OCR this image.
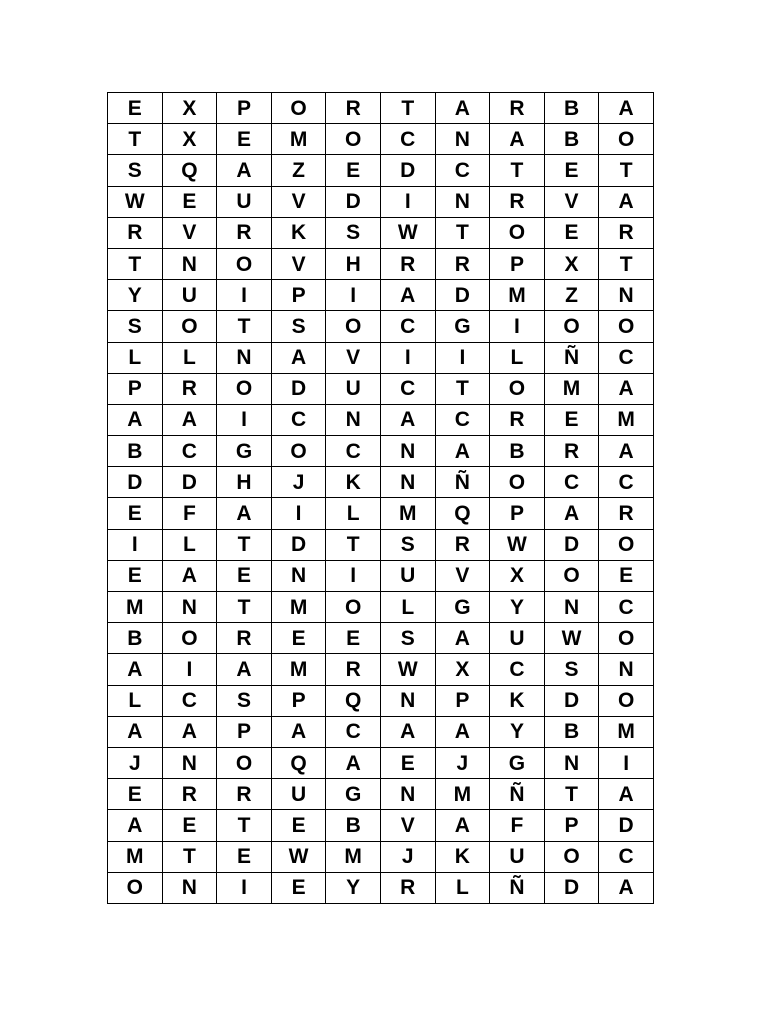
E	X	P	O	R	T	A	R	B	A
T	X	E	M	O	C	N	A	B	O
S	Q	A	Z	E	D	C	T	E	T
W	E	U	V	D	I	N	R	V	A
R	V	R	K	S	W	T	O	E	R
T	N	O	V	H	R	R	P	X	T
Y	U	I	P	I	A	D	M	Z	N
S	O	T	S	O	C	G	I	O	O
L	L	N	A	V	I	I	L	Ñ	C
P	R	O	D	U	C	T	O	M	A
A	A	I	C	N	A	C	R	E	M
B	C	G	O	C	N	A	B	R	A
D	D	H	J	K	N	Ñ	O	C	C
E	F	A	I	L	M	Q	P	A	R
I	L	T	D	T	S	R	W	D	O
E	A	E	N	I	U	V	X	O	E
M	N	T	M	O	L	G	Y	N	C
B	O	R	E	E	S	A	U	W	O
A	I	A	M	R	W	X	C	S	N
L	C	S	P	Q	N	P	K	D	O
A	A	P	A	C	A	A	Y	B	M
J	N	O	Q	A	E	J	G	N	I
E	R	R	U	G	N	M	Ñ	T	A
A	E	T	E	B	V	A	F	P	D
M	T	E	W	M	J	K	U	O	C
O	N	I	E	Y	R	L	Ñ	D	A
